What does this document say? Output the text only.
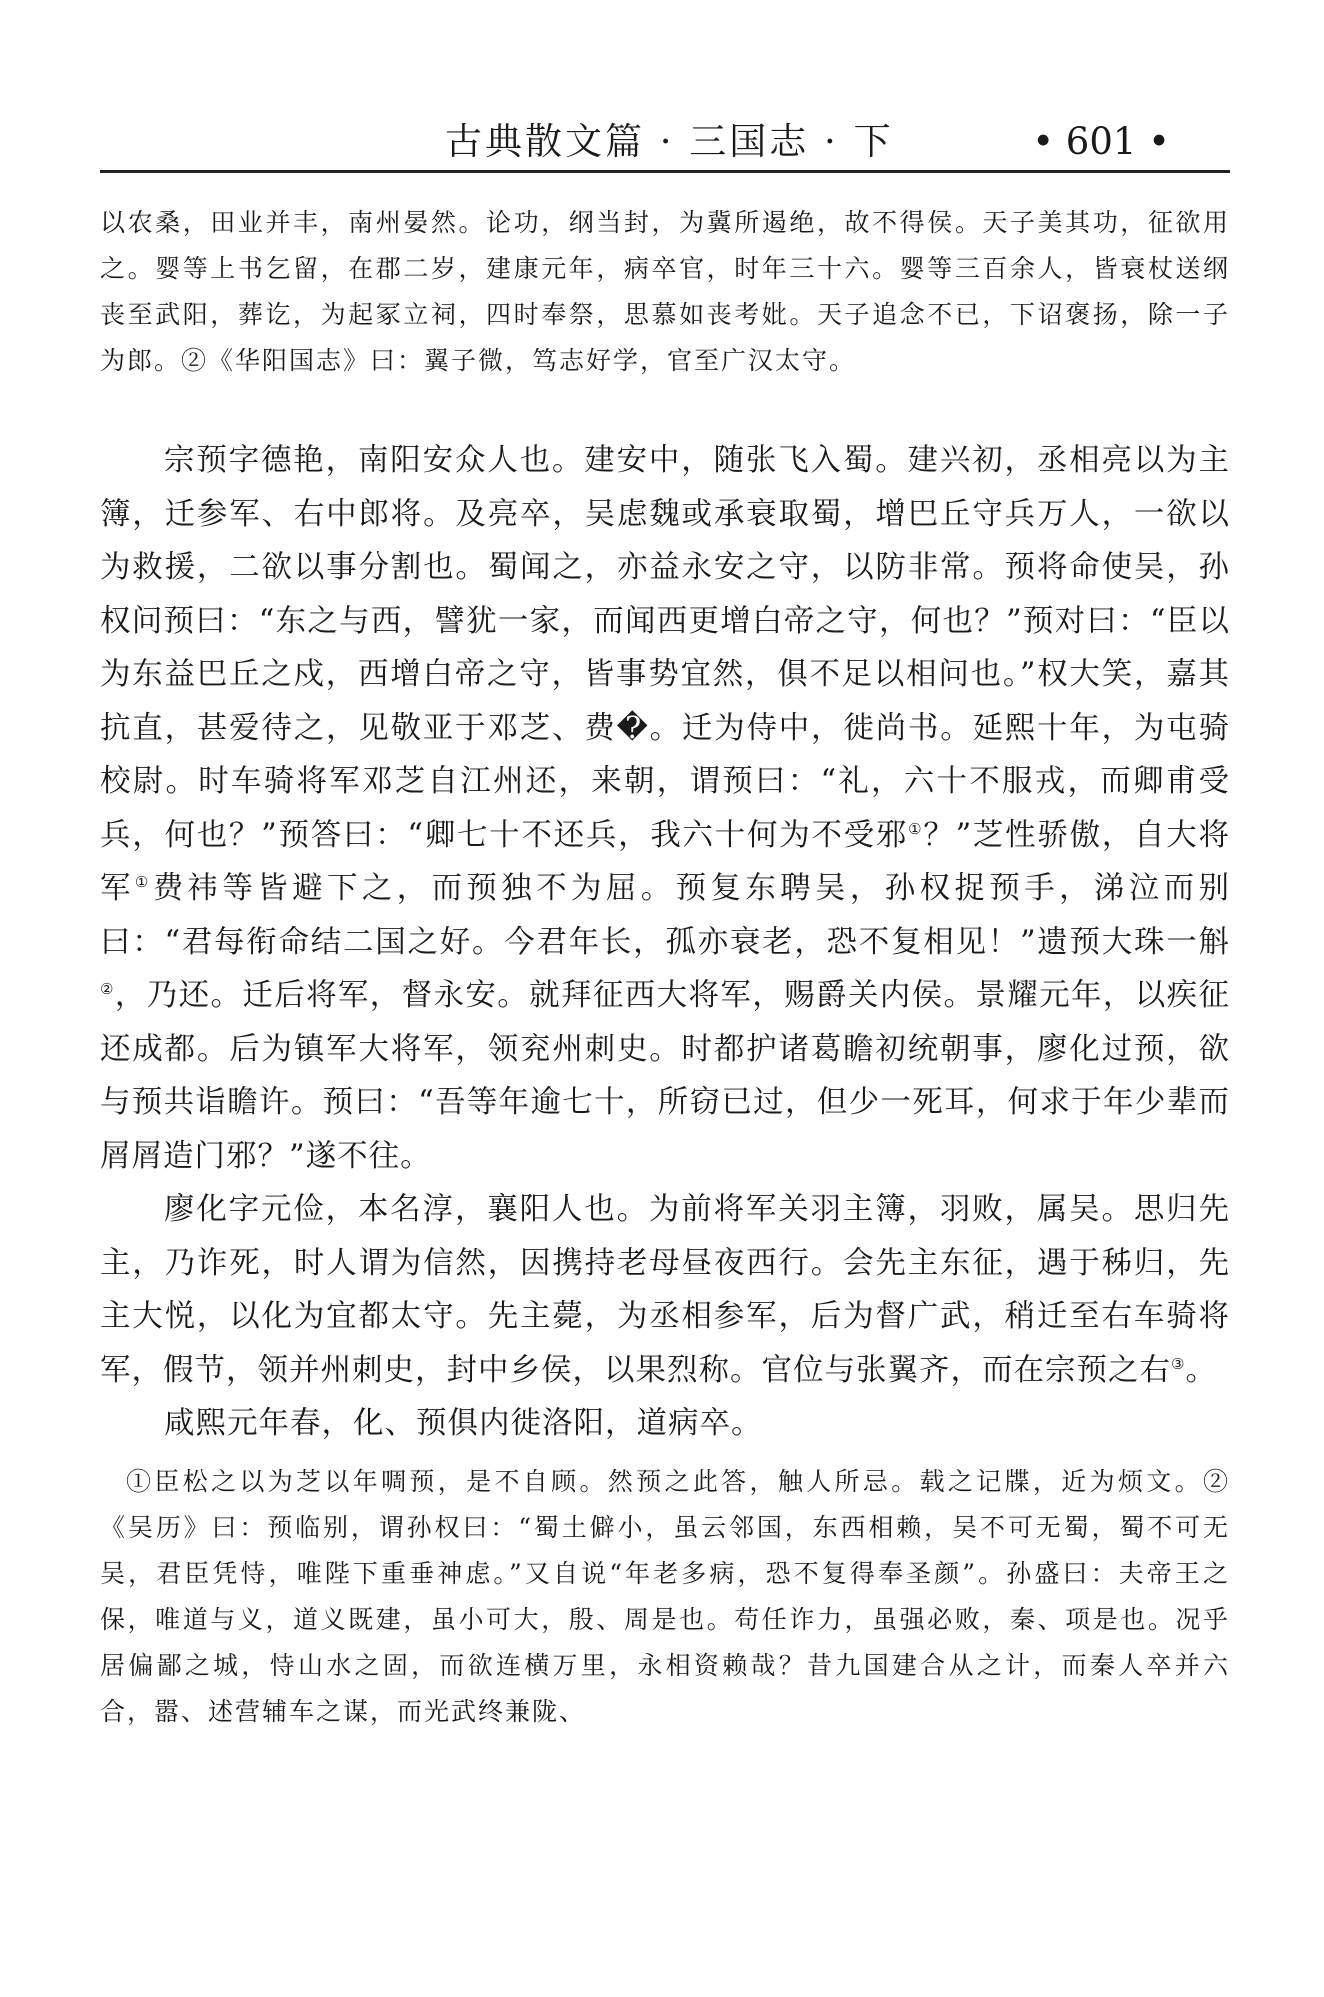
古典散文篇 · 三国志 · 下	• 601 •

以农桑，田业并丰，南州晏然。论功，纲当封，为冀所遏绝，故不得侯。天子美其功，征欲用之。婴等上书乞留，在郡二岁，建康元年，病卒官，时年三十六。婴等三百余人，皆衰杖送纲丧至武阳，葬讫，为起冢立祠，四时奉祭，思慕如丧考妣。天子追念不已，下诏褒扬，除一子为郎。②《华阳国志》曰：翼子微，笃志好学，官至广汉太守。

宗预字德艳，南阳安众人也。建安中，随张飞入蜀。建兴初，丞相亮以为主簿，迁参军、右中郎将。及亮卒，吴虑魏或承衰取蜀，增巴丘守兵万人，一欲以为救援，二欲以事分割也。蜀闻之，亦益永安之守，以防非常。预将命使吴，孙权问预曰：“东之与西，譬犹一家，而闻西更增白帝之守，何也？”预对曰：“臣以为东益巴丘之戍，西增白帝之守，皆事势宜然，俱不足以相问也。”权大笑，嘉其抗直，甚爱待之，见敬亚于邓芝、费�。迁为侍中，徙尚书。延熙十年，为屯骑校尉。时车骑将军邓芝自江州还，来朝，谓预曰：“礼，六十不服戎，而卿甫受兵，何也？”预答曰：“卿七十不还兵，我六十何为不受邪①？”芝性骄傲，自大将军①费祎等皆避下之，而预独不为屈。预复东聘吴，孙权捉预手，涕泣而别曰：“君每衔命结二国之好。今君年长，孤亦衰老，恐不复相见！”遗预大珠一斛②，乃还。迁后将军，督永安。就拜征西大将军，赐爵关内侯。景耀元年，以疾征还成都。后为镇军大将军，领兖州刺史。时都护诸葛瞻初统朝事，廖化过预，欲与预共诣瞻许。预曰：“吾等年逾七十，所窃已过，但少一死耳，何求于年少辈而屑屑造门邪？”遂不往。

廖化字元俭，本名淳，襄阳人也。为前将军关羽主簿，羽败，属吴。思归先主，乃诈死，时人谓为信然，因携持老母昼夜西行。会先主东征，遇于秭归，先主大悦，以化为宜都太守。先主薨，为丞相参军，后为督广武，稍迁至右车骑将军，假节，领并州刺史，封中乡侯，以果烈称。官位与张翼齐，而在宗预之右③。

咸熙元年春，化、预俱内徙洛阳，道病卒。

①臣松之以为芝以年啁预，是不自顾。然预之此答，触人所忌。载之记牒，近为烦文。②《吴历》曰：预临别，谓孙权曰：“蜀土僻小，虽云邻国，东西相赖，吴不可无蜀，蜀不可无吴，君臣凭恃，唯陛下重垂神虑。”又自说“年老多病，恐不复得奉圣颜”。孙盛曰：夫帝王之保，唯道与义，道义既建，虽小可大，殷、周是也。苟任诈力，虽强必败，秦、项是也。况乎居偏鄙之城，恃山水之固，而欲连横万里，永相资赖哉？昔九国建合从之计，而秦人卒并六合，嚣、述营辅车之谋，而光武终兼陇、
